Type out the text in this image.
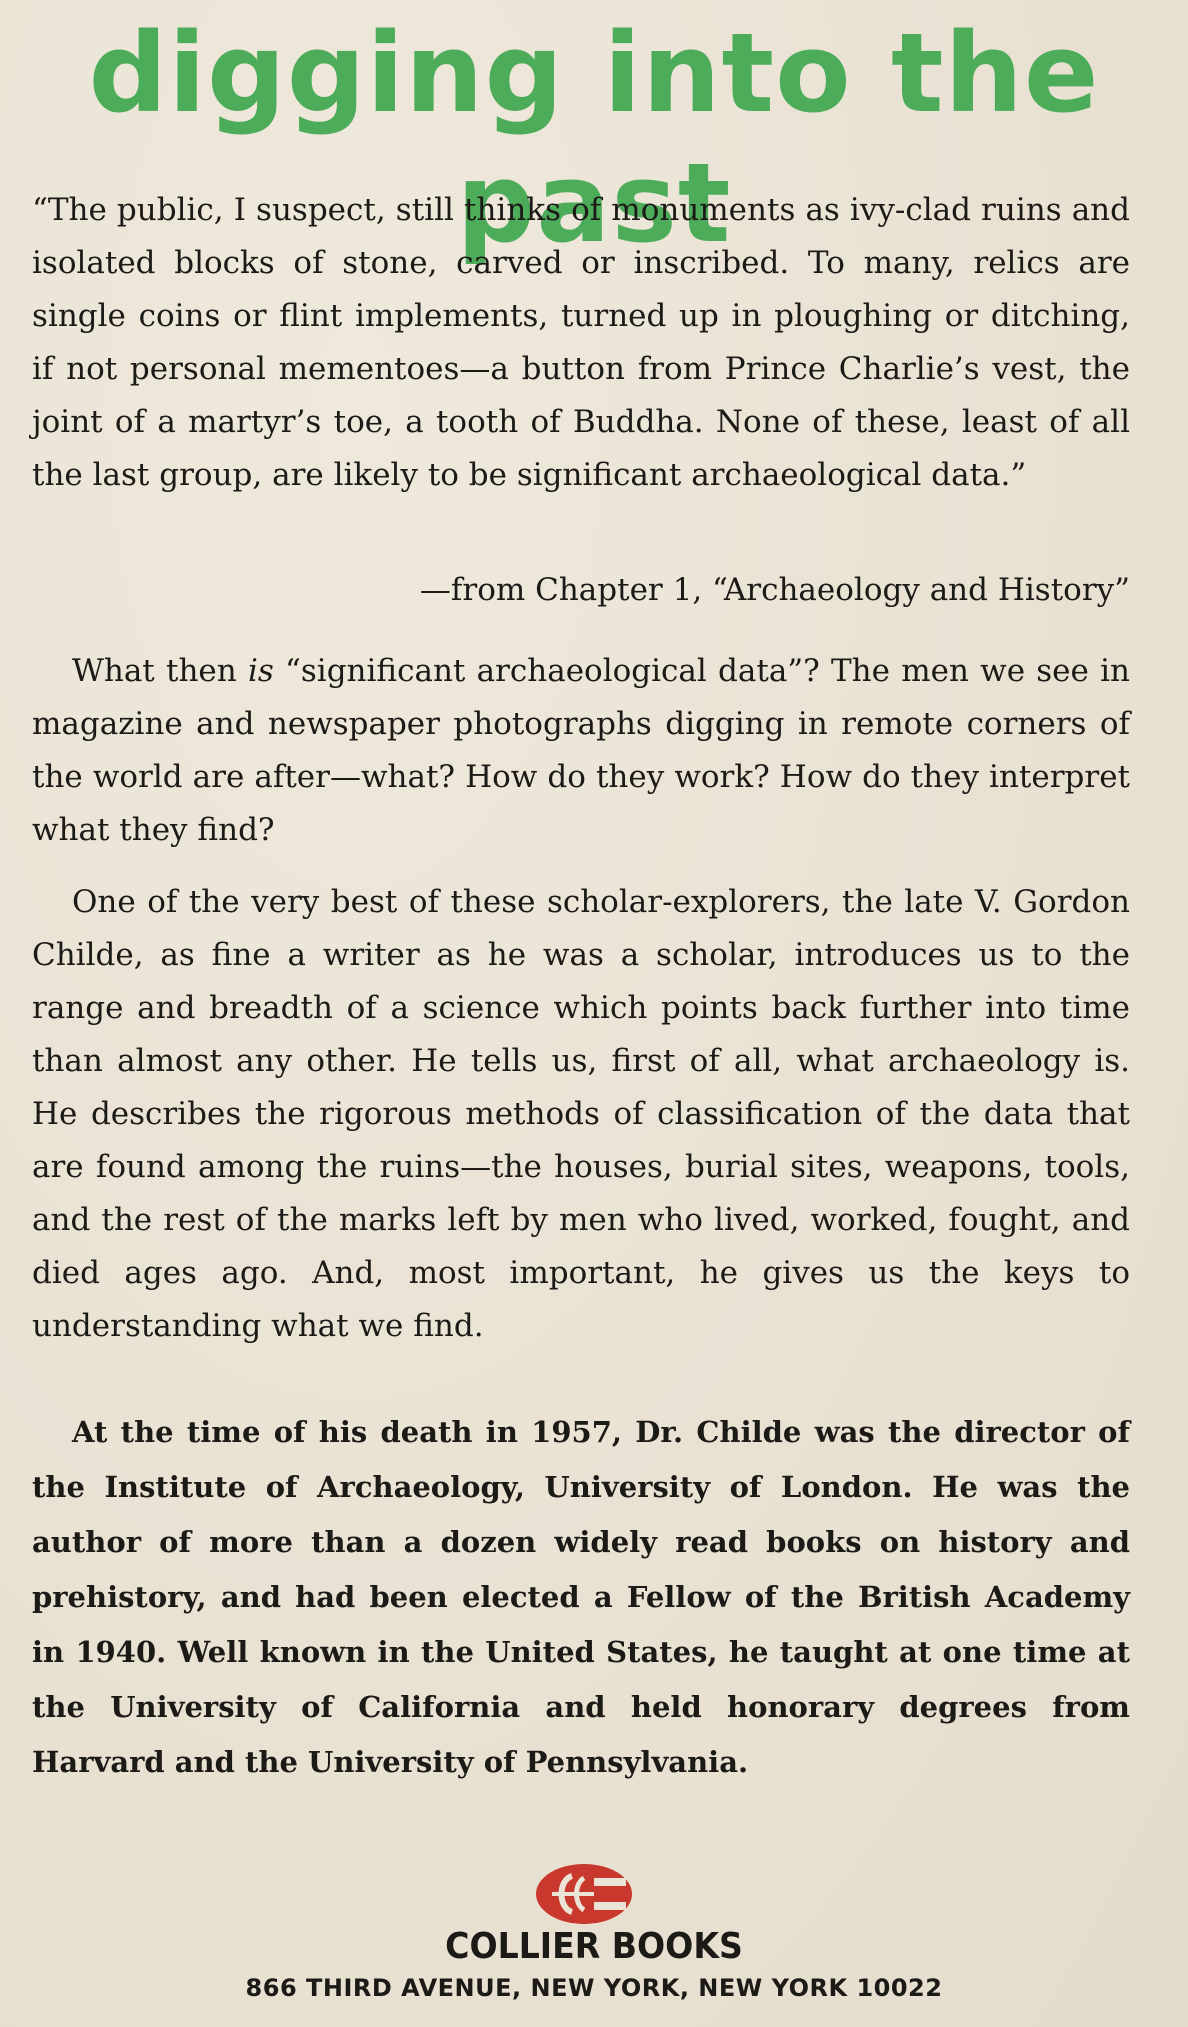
digging into the past

“The public, I suspect, still thinks of monuments as ivy-clad ruins and isolated blocks of stone, carved or inscribed. To many, relics are single coins or flint implements, turned up in ploughing or ditching, if not personal mementoes—a button from Prince Charlie’s vest, the joint of a martyr’s toe, a tooth of Buddha. None of these, least of all the last group, are likely to be significant archaeological data.”

—from Chapter 1, “Archaeology and History”

What then is “significant archaeological data”? The men we see in magazine and newspaper photographs digging in remote corners of the world are after—what? How do they work? How do they interpret what they find?

One of the very best of these scholar-explorers, the late V. Gordon Childe, as fine a writer as he was a scholar, introduces us to the range and breadth of a science which points back further into time than almost any other. He tells us, first of all, what archaeology is. He describes the rigorous methods of classification of the data that are found among the ruins—the houses, burial sites, weapons, tools, and the rest of the marks left by men who lived, worked, fought, and died ages ago. And, most important, he gives us the keys to understanding what we find.

At the time of his death in 1957, Dr. Childe was the director of the Institute of Archaeology, University of London. He was the author of more than a dozen widely read books on history and prehistory, and had been elected a Fellow of the British Academy in 1940. Well known in the United States, he taught at one time at the University of California and held honorary degrees from Harvard and the University of Pennsylvania.

COLLIER BOOKS

866 THIRD AVENUE, NEW YORK, NEW YORK 10022
